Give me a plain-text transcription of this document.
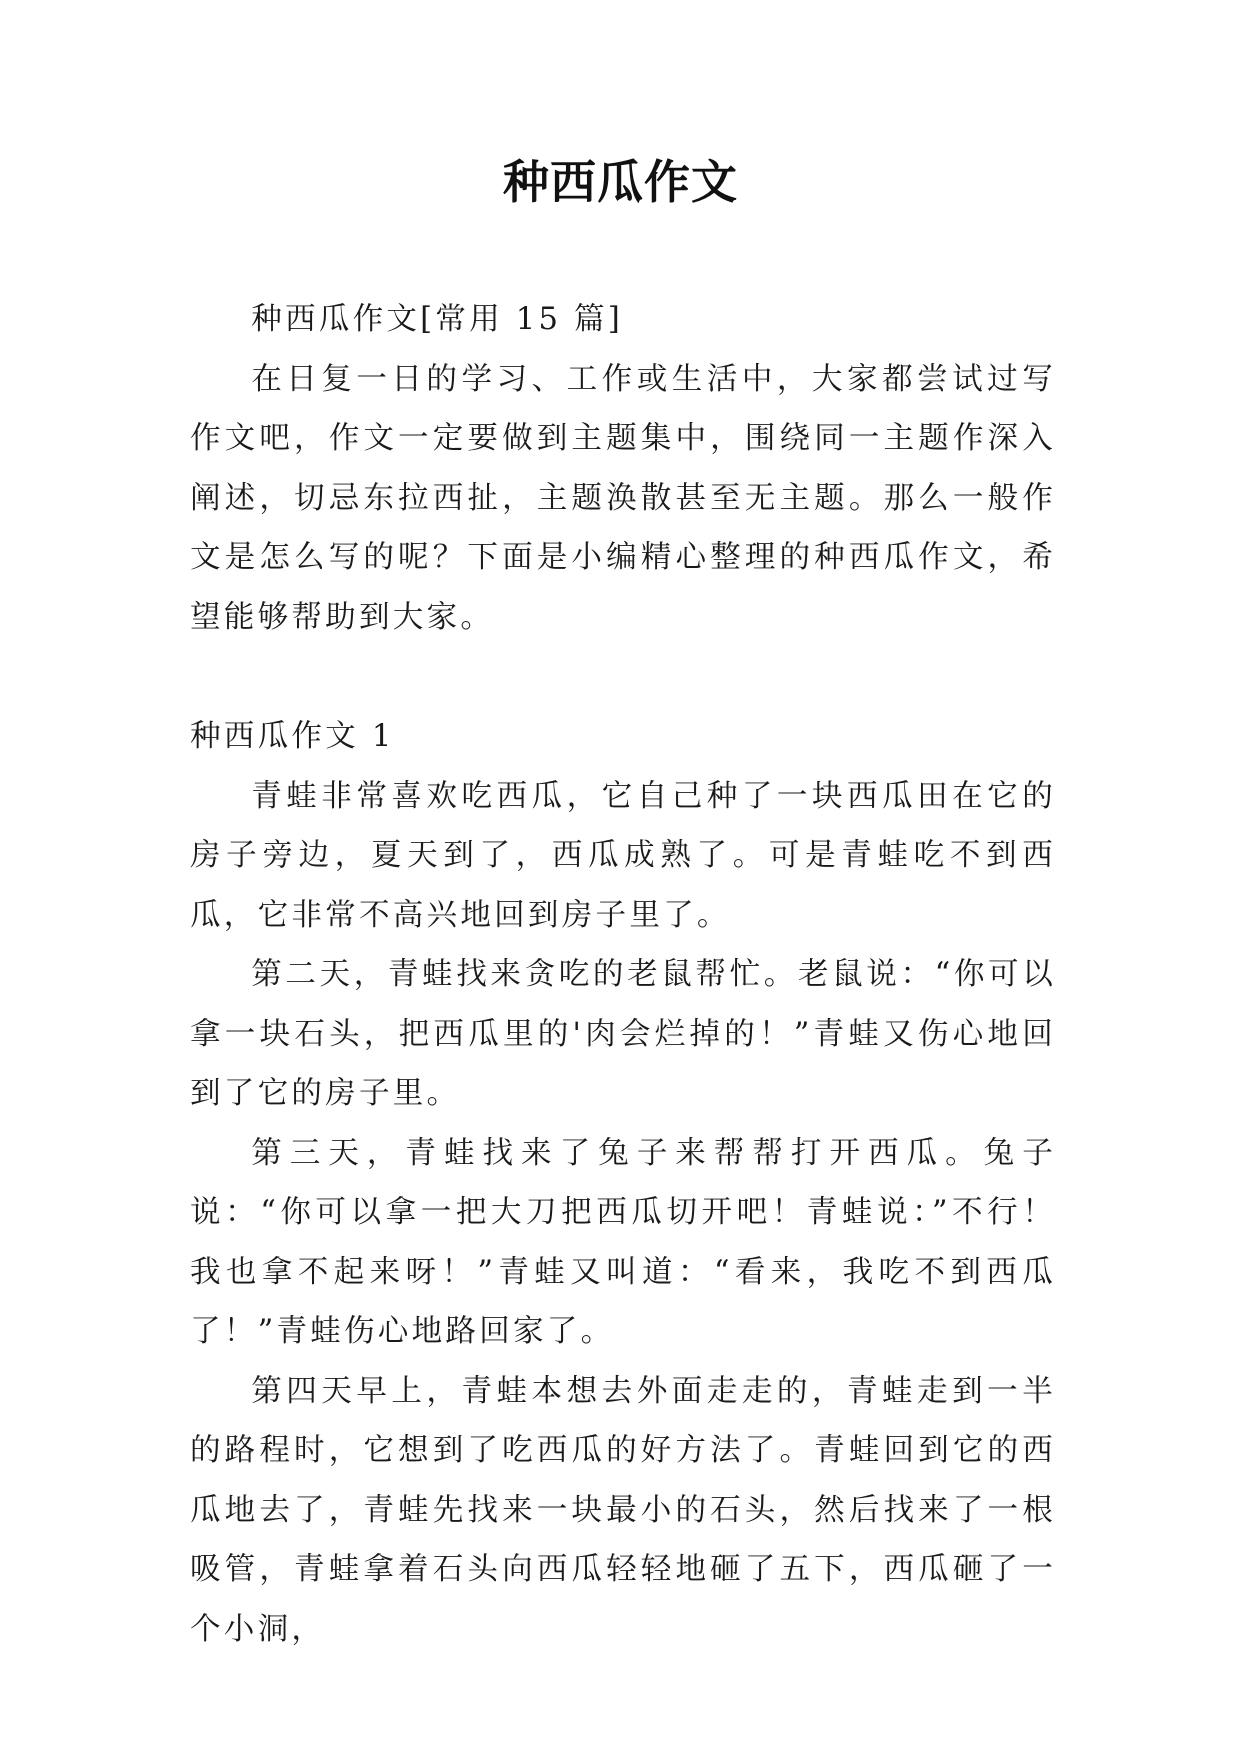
种西瓜作文

种西瓜作文[常用 15 篇]

在日复一日的学习、工作或生活中，大家都尝试过写作文吧，作文一定要做到主题集中，围绕同一主题作深入阐述，切忌东拉西扯，主题涣散甚至无主题。那么一般作文是怎么写的呢？下面是小编精心整理的种西瓜作文，希望能够帮助到大家。

种西瓜作文 1

青蛙非常喜欢吃西瓜，它自己种了一块西瓜田在它的房子旁边，夏天到了，西瓜成熟了。可是青蛙吃不到西瓜，它非常不高兴地回到房子里了。

第二天，青蛙找来贪吃的老鼠帮忙。老鼠说：“你可以拿一块石头，把西瓜里的'肉会烂掉的！”青蛙又伤心地回到了它的房子里。

第三天，青蛙找来了兔子来帮帮打开西瓜。兔子说：“你可以拿一把大刀把西瓜切开吧！青蛙说：”不行！我也拿不起来呀！”青蛙又叫道：“看来，我吃不到西瓜了！”青蛙伤心地路回家了。

第四天早上，青蛙本想去外面走走的，青蛙走到一半的路程时，它想到了吃西瓜的好方法了。青蛙回到它的西瓜地去了，青蛙先找来一块最小的石头，然后找来了一根吸管，青蛙拿着石头向西瓜轻轻地砸了五下，西瓜砸了一个小洞，
